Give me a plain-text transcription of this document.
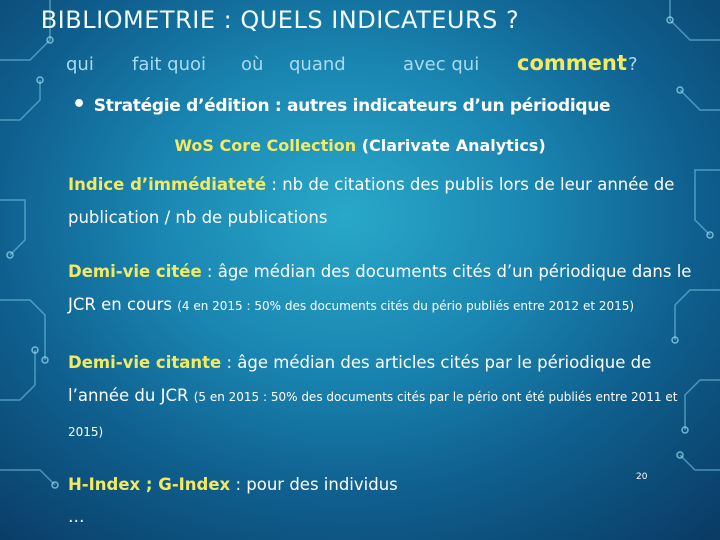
BIBLIOMETRIE : QUELS INDICATEURS ?
qui fait quoi où quand	avec qui comment ?
• Stratégie d’édition : autres indicateurs d’un périodique
WoS Core Collection (Clarivate Analytics)
Indice d’immédiateté : nb de citations des publis lors de leur année de publication / nb de publications
Demi-vie citée : âge médian des documents cités d’un périodique dans le JCR en cours (4 en 2015 : 50% des documents cités du pério publiés entre 2012 et 2015)
Demi-vie citante : âge médian des articles cités par le périodique de l’année du JCR (5 en 2015 : 50% des documents cités par le pério ont été publiés entre 2011 et 2015)
H-Index ; G-Index : pour des individus
…
20
